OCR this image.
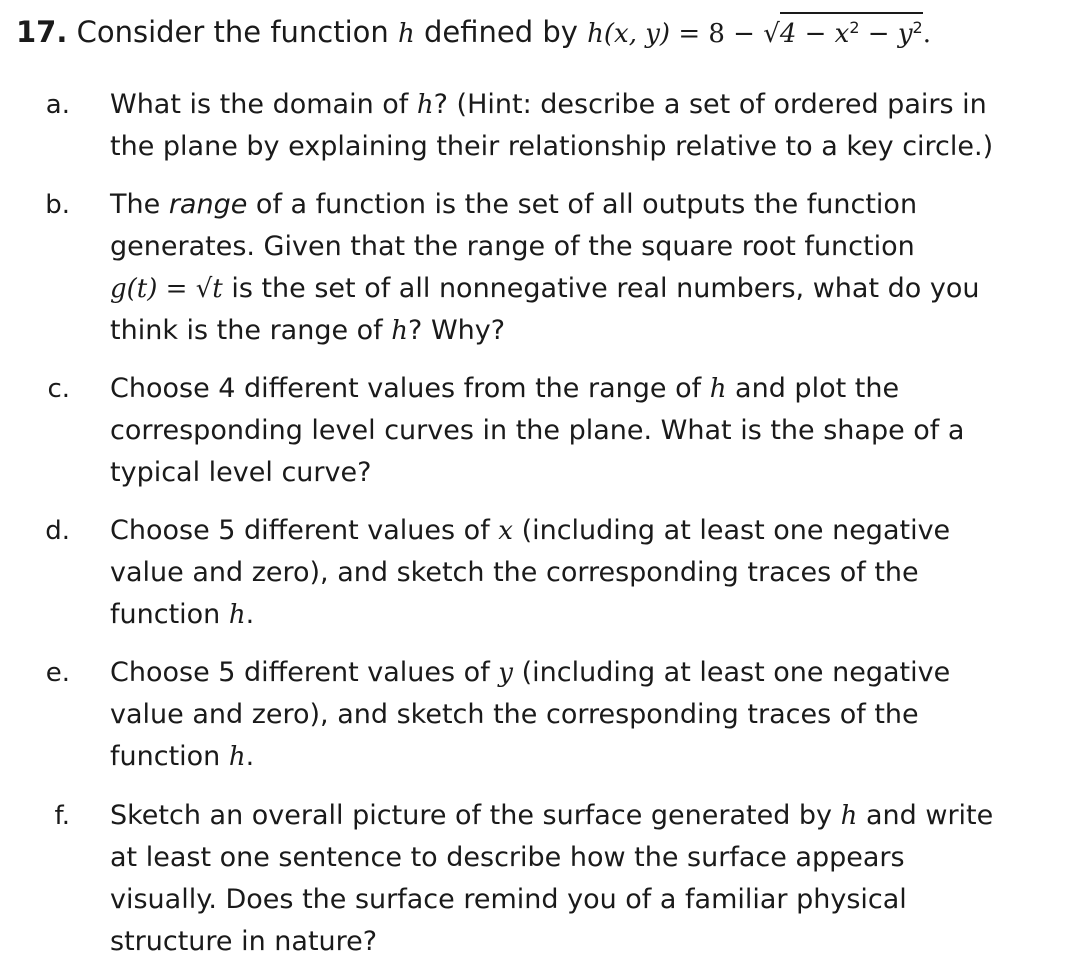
17. Consider the function h defined by h(x, $y) = 8 - √4 - x^2 - y^2$.
a. What is the domain of h? (Hint: describe a set of ordered pairs in
the plane by explaining their relationship relative to a key circle.)
b. The range of a function is the set of all outputs the function
generates. Given that the range of the square root function
g(t) = √t is the set of all nonnegative real numbers, what do you
think is the range of h? Why?
c. Choose 4 different values from the range of h and plot the
corresponding level curves in the plane. What is the shape of a
typical level curve?
d. Choose 5 different values of x (including at least one negative
value and zero), and sketch the corresponding traces of the
function h.
e. Choose 5 different values of y (including at least one negative
value and zero), and sketch the corresponding traces of the
function h.
f. Sketch an overall picture of the surface generated by h and write
at least one sentence to describe how the surface appears
visually. Does the surface remind you of a familiar physical
structure in nature?
